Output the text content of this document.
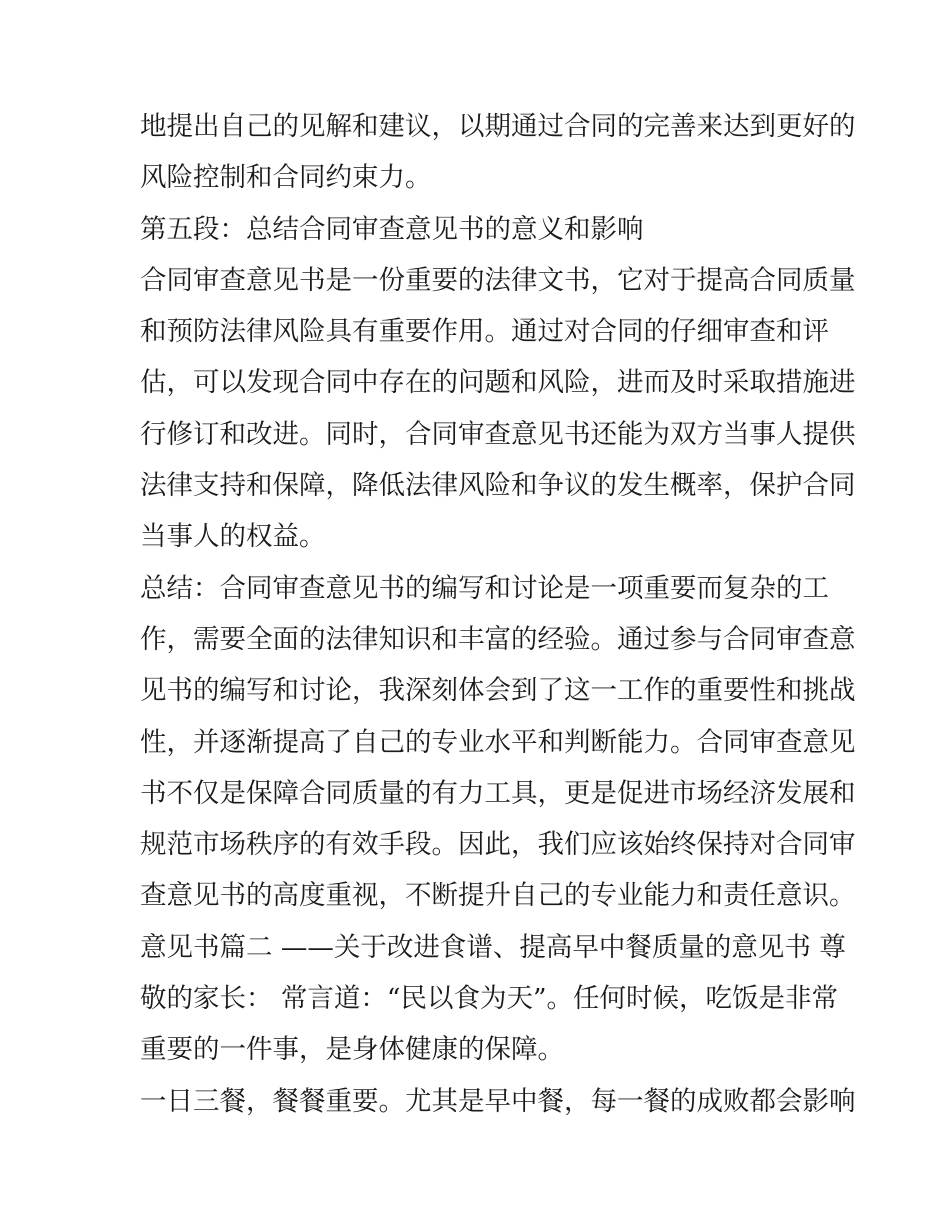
地提出自己的见解和建议，以期通过合同的完善来达到更好的
风险控制和合同约束力。
第五段：总结合同审查意见书的意义和影响
合同审查意见书是一份重要的法律文书，它对于提高合同质量
和预防法律风险具有重要作用。通过对合同的仔细审查和评
估，可以发现合同中存在的问题和风险，进而及时采取措施进
行修订和改进。同时，合同审查意见书还能为双方当事人提供
法律支持和保障，降低法律风险和争议的发生概率，保护合同
当事人的权益。
总结：合同审查意见书的编写和讨论是一项重要而复杂的工
作，需要全面的法律知识和丰富的经验。通过参与合同审查意
见书的编写和讨论，我深刻体会到了这一工作的重要性和挑战
性，并逐渐提高了自己的专业水平和判断能力。合同审查意见
书不仅是保障合同质量的有力工具，更是促进市场经济发展和
规范市场秩序的有效手段。因此，我们应该始终保持对合同审
查意见书的高度重视，不断提升自己的专业能力和责任意识。
意见书篇二 ——关于改进食谱、提高早中餐质量的意见书 尊
敬的家长： 常言道：“民以食为天”。任何时候，吃饭是非常
重要的一件事，是身体健康的保障。
一日三餐，餐餐重要。尤其是早中餐，每一餐的成败都会影响
